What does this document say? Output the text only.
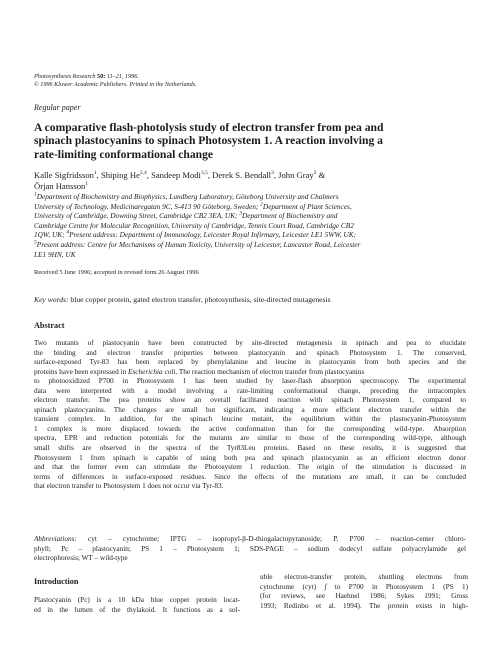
Photosynthesis Research 50: 11–21, 1996.
© 1996 Kluwer Academic Publishers. Printed in the Netherlands.
Regular paper
A comparative flash-photolysis study of electron transfer from pea and
spinach plastocyanins to spinach Photosystem 1. A reaction involving a
rate-limiting conformational change
Kalle Sigfridsson$^1$, Shiping He$^{2,4}$, Sandeep Modi$^{3,5}$, Derek S. Bendall$^3$, John Gray$^2$ &
Örjan Hansson$^1$
$^1$Department of Biochemistry and Biophysics, Lundberg Laboratory, Göteborg University and Chalmers
University of Technology, Medicinaregatan 9C, S-413 90 Göteborg, Sweden; $^2$Department of Plant Sciences,
University of Cambridge, Downing Street, Cambridge CB2 3EA, UK; $^3$Department of Biochemistry and
Cambridge Centre for Molecular Recognition, University of Cambridge, Tennis Court Road, Cambridge CB2
1QW, UK; $^4$Present address: Department of Immunology, Leicester Royal Infirmary, Leicester LE1 5WW, UK;
$^5$Present address: Centre for Mechanisms of Human Toxicity, University of Leicester, Lancaster Road, Leicester
LE1 9HN, UK
Received 5 June 1996; accepted in revised form 26 August 1996
Key words: blue copper protein, gated electron transfer, photosynthesis, site-directed mutagenesis
Abstract
Two mutants of plastocyanin have been constructed by site-directed mutagenesis in spinach and pea to elucidate
the binding and electron transfer properties between plastocyanin and spinach Photosystem 1. The conserved,
surface-exposed Tyr-83 has been replaced by phenylalanine and leucine in plastocyanin from both species and the
proteins have been expressed in Escherichia coli. The reaction mechanism of electron transfer from plastocyanins
to photooxidized P700 in Photosystem 1 has been studied by laser-flash absorption spectroscopy. The experimental
data were interpreted with a model involving a rate-limiting conformational change, preceding the intracomplex
electron transfer. The pea proteins show an overall facilitated reaction with spinach Photosystem 1, compared to
spinach plastocyanins. The changes are small but significant, indicating a more efficient electron transfer within the
transient complex. In addition, for the spinach leucine mutant, the equilibrium within the plastocyanin-Photosystem
1 complex is more displaced towards the active conformation than for the corresponding wild-type. Absorption
spectra, EPR and reduction potentials for the mutants are similar to those of the corresponding wild-type, although
small shifts are observed in the spectra of the Tyr83Leu proteins. Based on these results, it is suggested that
Photosystem 1 from spinach is capable of using both pea and spinach plastocyanin as an efficient electron donor
and that the former even can stimulate the Photosystem 1 reduction. The origin of the stimulation is discussed in
terms of differences in surface-exposed residues. Since the effects of the mutations are small, it can be concluded
that electron transfer to Photosystem 1 does not occur via Tyr-83.
Abbreviations: cyt – cytochrome; IPTG – isopropyl-β-D-thiogalactopyranoside; P, P700 – reaction-center chloro-
phyll; Pc – plastocyanin; PS 1 – Photosystem 1; SDS-PAGE – sodium dodecyl sulfate polyacrylamide gel
electrophoresis; WT – wild-type
Introduction
Plastocyanin (Pc) is a 10 kDa blue copper protein locat-
ed in the lumen of the thylakoid. It functions as a sol-
uble electron-transfer protein, shuttling electrons from
cytochrome (cyt) f to P700 in Photosystem 1 (PS 1)
(for reviews, see Haehnel 1986; Sykes 1991; Gross
1993; Redinbo et al. 1994). The protein exists in high-
